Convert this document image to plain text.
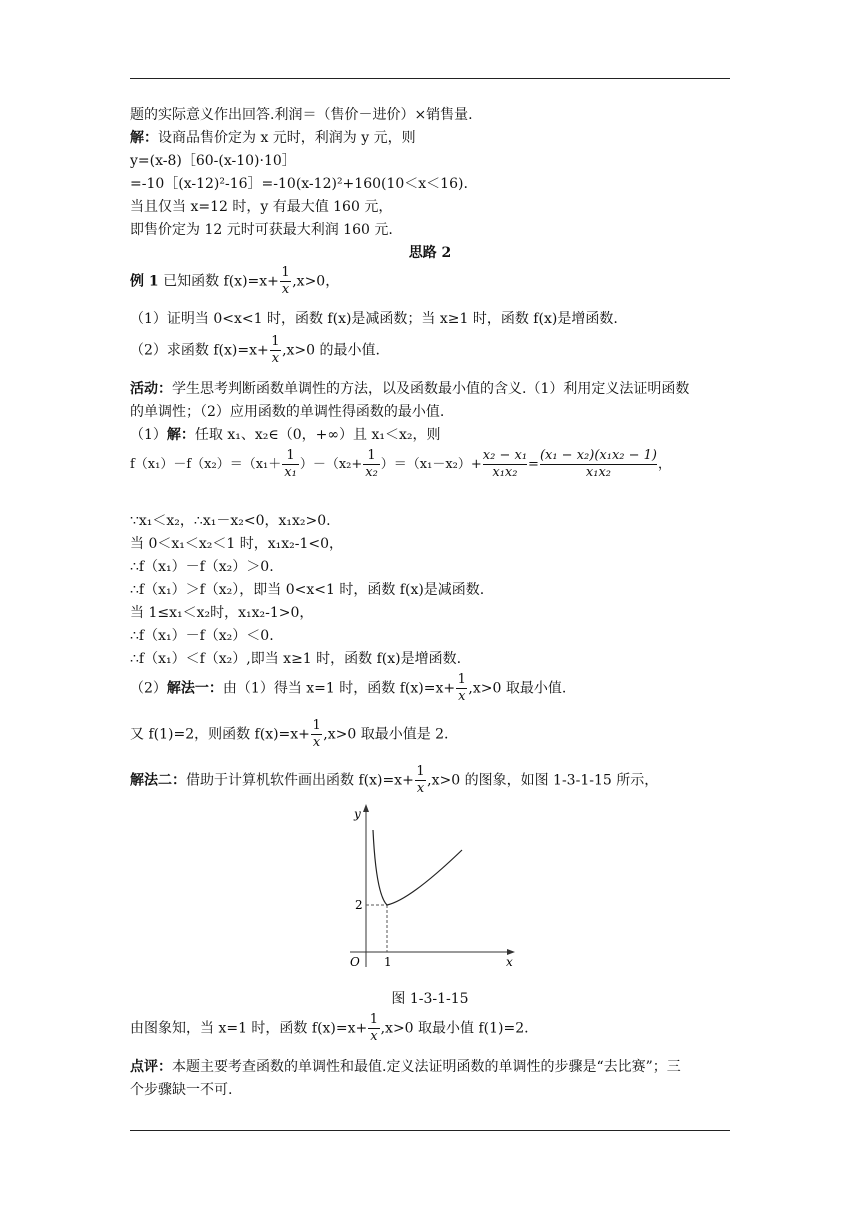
题的实际意义作出回答.利润＝（售价－进价）×销售量.
解：设商品售价定为 x 元时，利润为 y 元，则
y=(x-8)［60-(x-10)·10］
=-10［(x-12)²-16］=-10(x-12)²+160(10＜x＜16).
当且仅当 x=12 时，y 有最大值 160 元，
即售价定为 12 元时可获最大利润 160 元.
思路 2
例 1 已知函数 $f(x)=x+ \frac{1}{x} ,x>0$，
（1）证明当 0<x<1 时，函数 f(x)是减函数；当 x≥1 时，函数 f(x)是增函数.
（2）求函数 $f(x)=x+ \frac{1}{x} ,x>0$ 的最小值.
活动：学生思考判断函数单调性的方法，以及函数最小值的含义.（1）利用定义法证明函数
的单调性；（2）应用函数的单调性得函数的最小值.
（1）解：任取 x₁、x₂∈（0，+∞）且 x₁＜x₂，则
$f(x_1)-f(x_2)=(x_1+ \frac{1}{\text{x₁}} )-(x_2+ \frac{1}{\text{x₂}} )=(x_1-x_2)+ \frac{\text{x₂ − x₁}}{\text{x₁x₂}} = \frac{\text{(x₁ − x₂)(x₁x₂ − 1)}}{\text{x₁x₂}}$ ，
∵x₁＜x₂，∴x₁－x₂<0，x₁x₂>0.
当 0＜x₁＜x₂＜1 时，x₁x₂-1<0，
∴f（x₁）－f（x₂）＞0.
∴f（x₁）＞f（x₂），即当 0<x<1 时，函数 f(x)是减函数.
当 1≤x₁＜x₂时，x₁x₂-1>0，
∴f（x₁）－f（x₂）＜0.
∴f（x₁）＜f（x₂）,即当 x≥1 时，函数 f(x)是增函数.
（2）解法一：由（1）得当 x=1 时，函数 $f(x)=x+ \frac{1}{x} ,x>0$ 取最小值.
又 f(1)=2，则函数 $f(x)=x+ \frac{1}{x} ,x>0$ 取最小值是 2.
解法二：借助于计算机软件画出函数 $f(x)=x+ \frac{1}{x} ,x>0$ 的图象，如图 1-3-1-15 所示，
y
x
O
2
1
图 1-3-1-15
由图象知，当 x=1 时，函数 $f(x)=x+ \frac{1}{x} ,x>0$ 取最小值 f(1)=2.
点评：本题主要考查函数的单调性和最值.定义法证明函数的单调性的步骤是“去比赛”；三
个步骤缺一不可.
